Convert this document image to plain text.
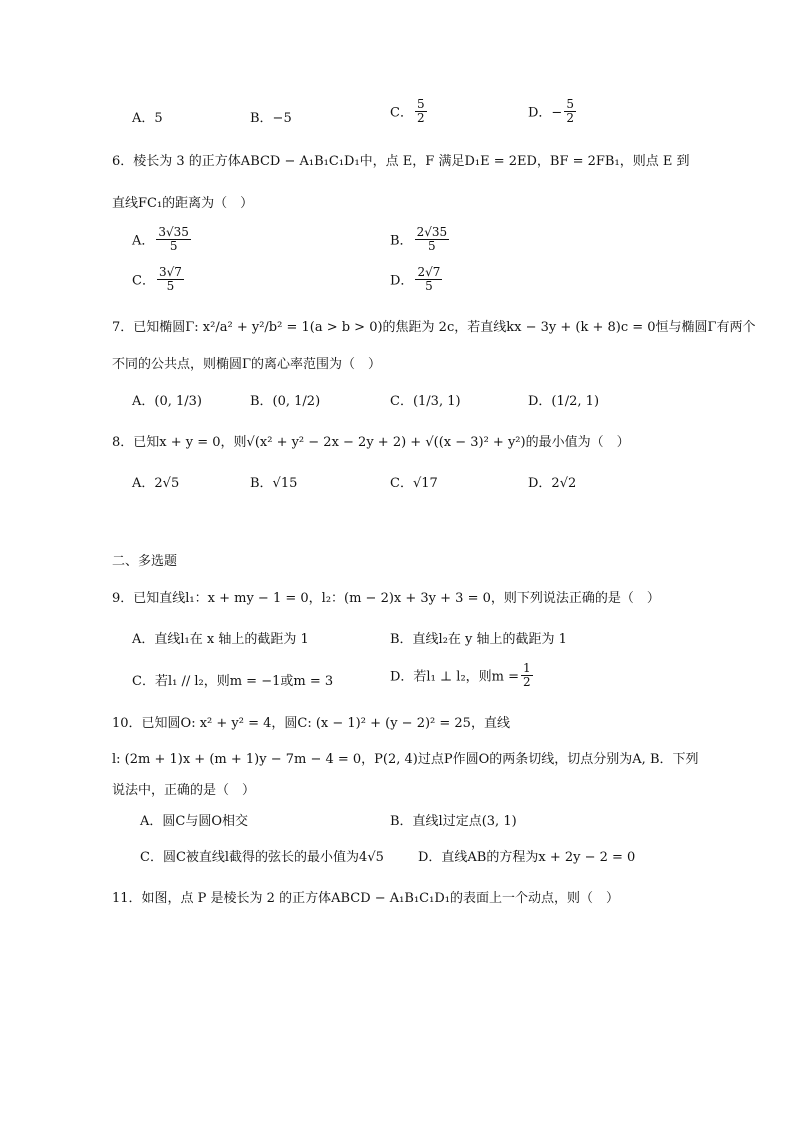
A．5	B．−5	C． $\frac{5}{2}$	D．− $\frac{5}{2}$
6．棱长为 3 的正方体ABCD − A₁B₁C₁D₁中，点 E，F 满足D₁E = 2ED，BF = 2FB₁，则点 E 到
直线FC₁的距离为（　）
A． $\frac{3√35}{5}$	B． $\frac{2√35}{5}$
C． $\frac{3√7}{5}$	D． $\frac{2√7}{5}$
7．已知椭圆Γ: x²/a² + y²/b² = 1(a > b > 0)的焦距为 2c，若直线kx − 3y + (k + 8)c = 0恒与椭圆Γ有两个
不同的公共点，则椭圆Γ的离心率范围为（　）
A．(0, 1/3)	B．(0, 1/2)	C．(1/3, 1)	D．(1/2, 1)
8．已知x + y = 0，则√(x² + y² − 2x − 2y + 2) + √((x − 3)² + y²)的最小值为（　）
A．2√5	B．√15	C．√17	D．2√2
二、多选题
9．已知直线l₁：x + my − 1 = 0，l₂：(m − 2)x + 3y + 3 = 0，则下列说法正确的是（　）
A．直线l₁在 x 轴上的截距为 1	B．直线l₂在 y 轴上的截距为 1
C．若l₁ // l₂，则m = −1或m = 3	D．若l₁ ⊥ l₂，则$m = \frac{1}{2}$
10．已知圆O: x² + y² = 4，圆C: (x − 1)² + (y − 2)² = 25，直线
l: (2m + 1)x + (m + 1)y − 7m − 4 = 0，P(2, 4)过点P作圆O的两条切线，切点分别为A, B．下列
说法中，正确的是（　）
A．圆C与圆O相交	B．直线l过定点(3, 1)
C．圆C被直线l截得的弦长的最小值为4√5	D．直线AB的方程为x + 2y − 2 = 0
11．如图，点 P 是棱长为 2 的正方体ABCD − A₁B₁C₁D₁的表面上一个动点，则（　）
